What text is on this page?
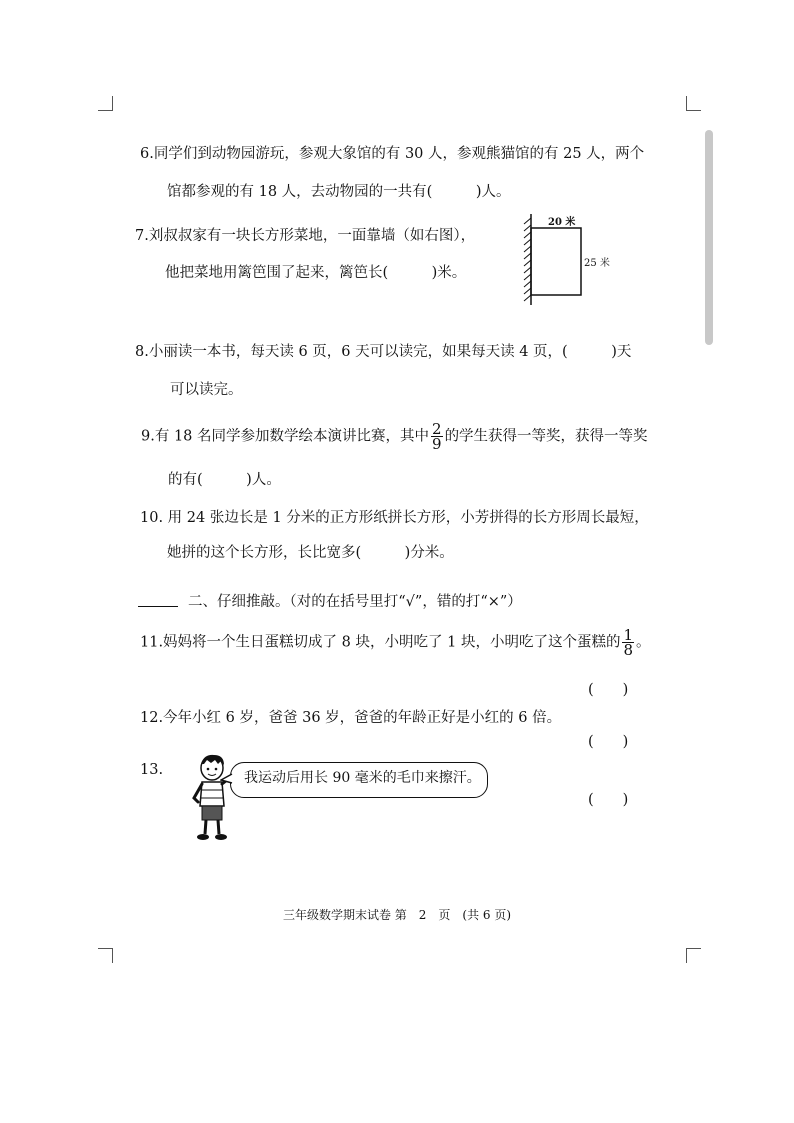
6.同学们到动物园游玩，参观大象馆的有 30 人，参观熊猫馆的有 25 人，两个
馆都参观的有 18 人，去动物园的一共有(　　　)人。
7.刘叔叔家有一块长方形菜地，一面靠墙（如右图），
他把菜地用篱笆围了起来，篱笆长(　　　)米。
20 米
25 米
8.小丽读一本书，每天读 6 页，6 天可以读完，如果每天读 4 页，(　　　)天
可以读完。
9.有 18 名同学参加数学绘本演讲比赛，其中 $\frac{2}{9}$ 的学生获得一等奖，获得一等奖
的有(　　　)人。
10. 用 24 张边长是 1 分米的正方形纸拼长方形，小芳拼得的长方形周长最短，
她拼的这个长方形，长比宽多(　　　)分米。
二、仔细推敲。（对的在括号里打“√”，错的打“×”）
11.妈妈将一个生日蛋糕切成了 8 块，小明吃了 1 块，小明吃了这个蛋糕的 $\frac{1}{8}$ 。
(　　)
12.今年小红 6 岁，爸爸 36 岁，爸爸的年龄正好是小红的 6 倍。
(　　)
13.	我运动后用长 90 毫米的毛巾来擦汗。
(　　)
三年级数学期末试卷 第　2　页　(共 6 页)
